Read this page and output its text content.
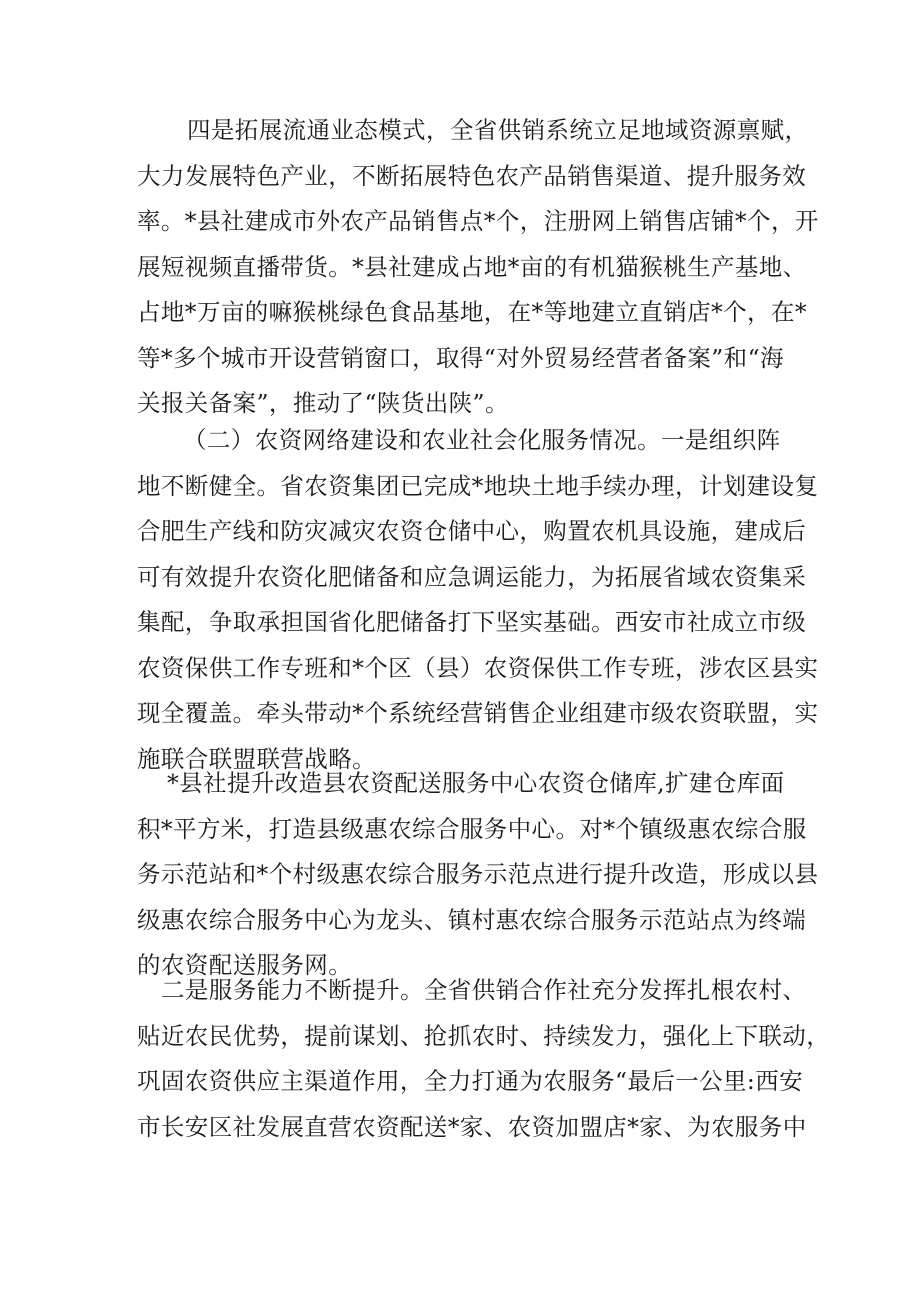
四是拓展流通业态模式，全省供销系统立足地域资源禀赋，
大力发展特色产业，不断拓展特色农产品销售渠道、提升服务效
率。*县社建成市外农产品销售点*个，注册网上销售店铺*个，开
展短视频直播带货。*县社建成占地*亩的有机猫猴桃生产基地、
占地*万亩的嘛猴桃绿色食品基地，在*等地建立直销店*个，在*
等*多个城市开设营销窗口，取得“对外贸易经营者备案”和“海
关报关备案”，推动了“陕货出陕”。
（二）农资网络建设和农业社会化服务情况。一是组织阵
地不断健全。省农资集团已完成*地块土地手续办理，计划建设复
合肥生产线和防灾减灾农资仓储中心，购置农机具设施，建成后
可有效提升农资化肥储备和应急调运能力，为拓展省域农资集采
集配，争取承担国省化肥储备打下坚实基础。西安市社成立市级
农资保供工作专班和*个区（县）农资保供工作专班，涉农区县实
现全覆盖。牵头带动*个系统经营销售企业组建市级农资联盟，实
施联合联盟联营战略。
*县社提升改造县农资配送服务中心农资仓储库,扩建仓库面
积*平方米，打造县级惠农综合服务中心。对*个镇级惠农综合服
务示范站和*个村级惠农综合服务示范点进行提升改造，形成以县
级惠农综合服务中心为龙头、镇村惠农综合服务示范站点为终端
的农资配送服务网。
二是服务能力不断提升。全省供销合作社充分发挥扎根农村、
贴近农民优势，提前谋划、抢抓农时、持续发力，强化上下联动，
巩固农资供应主渠道作用，全力打通为农服务“最后一公里:西安
市长安区社发展直营农资配送*家、农资加盟店*家、为农服务中
